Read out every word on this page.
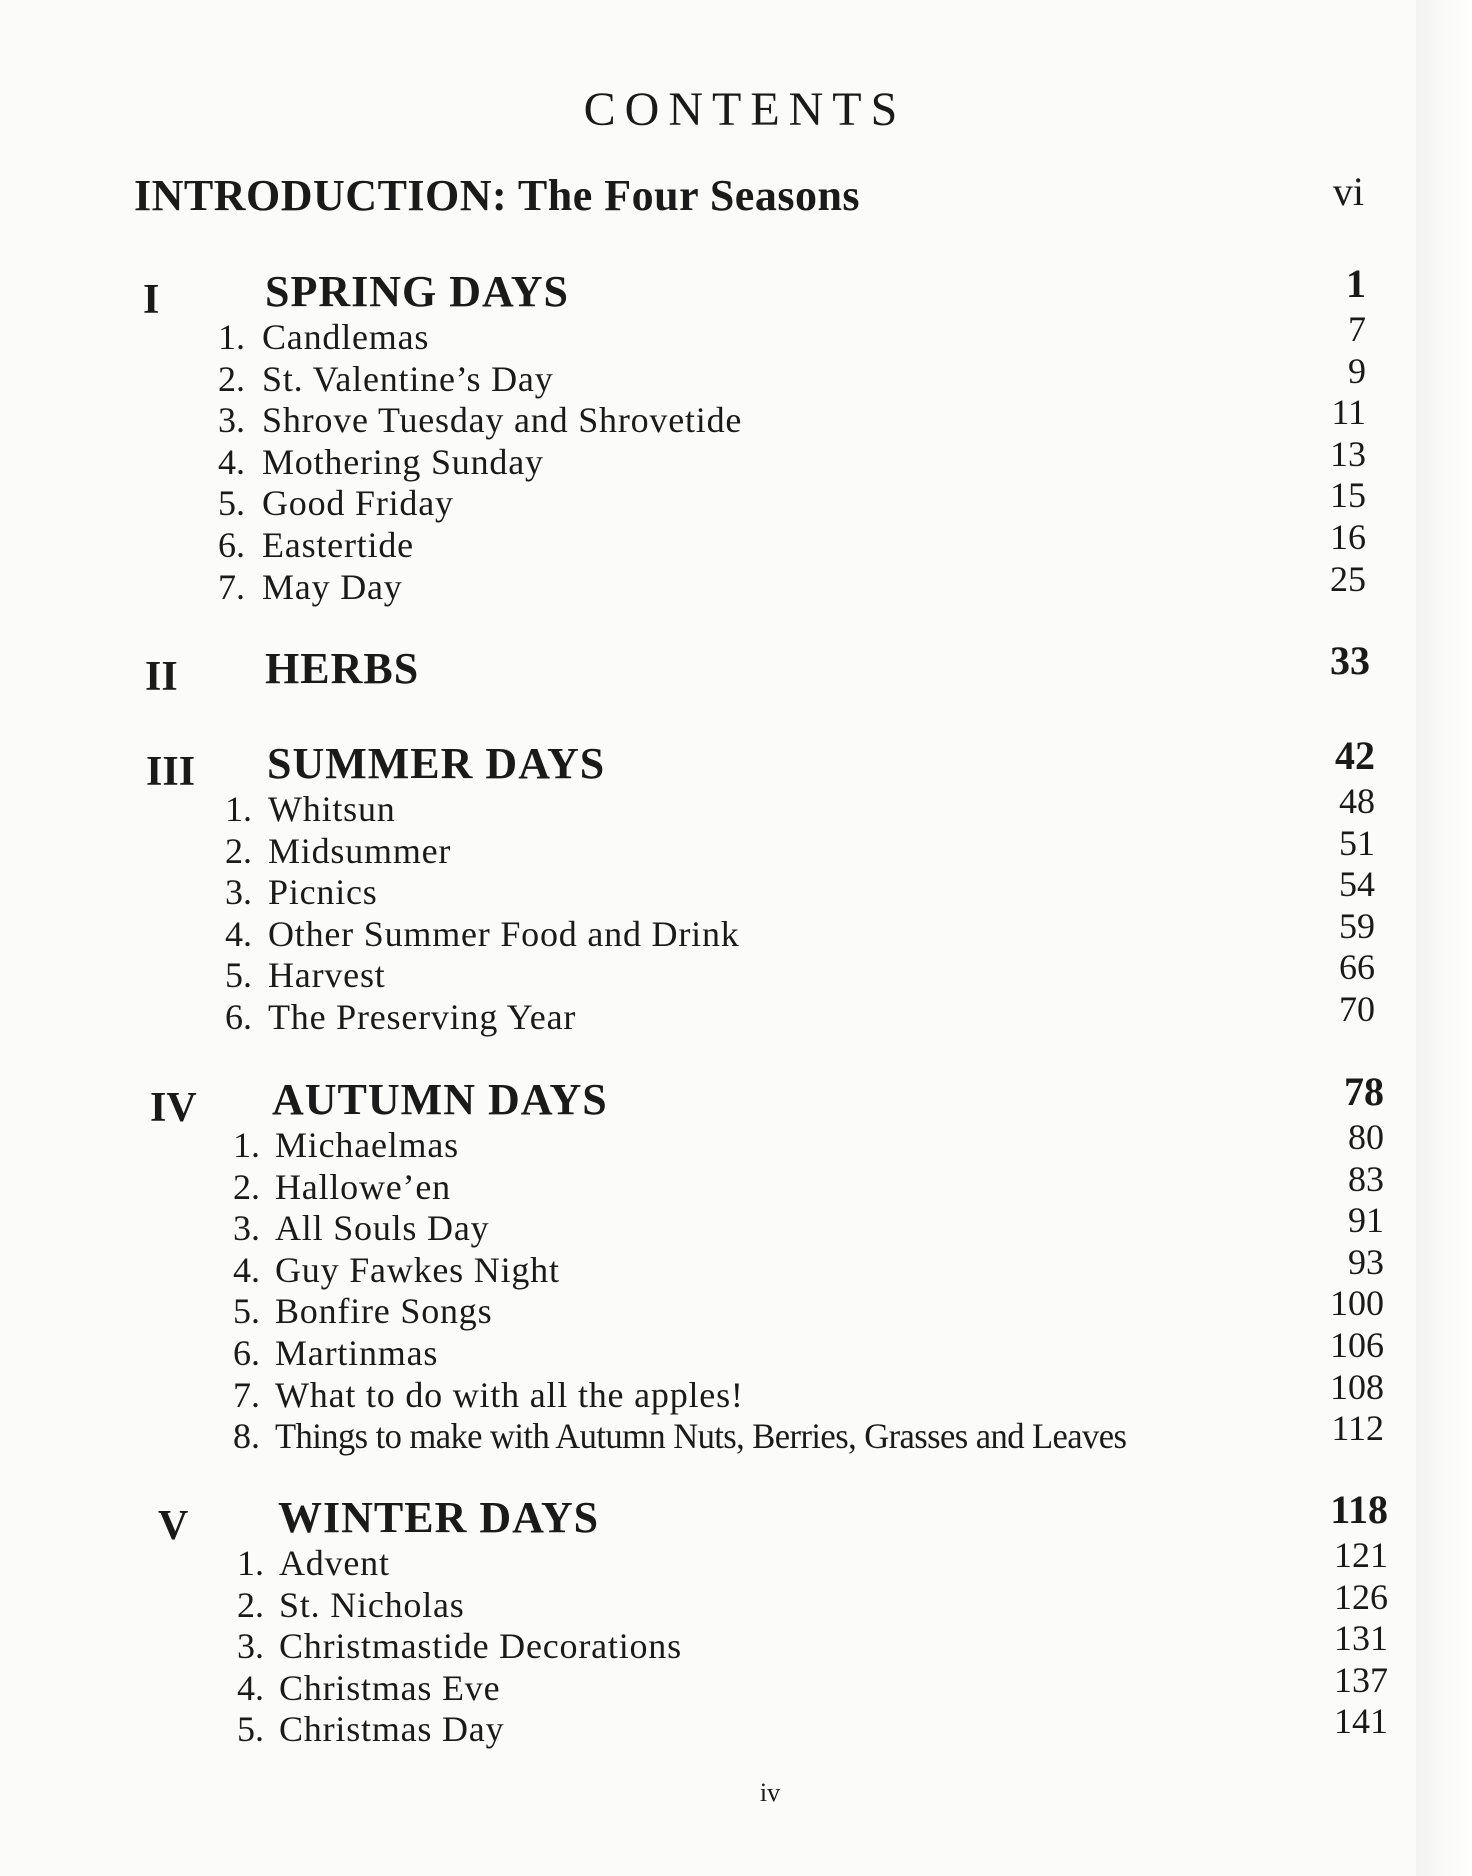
CONTENTS
INTRODUCTION: The Four Seasons	vi
I SPRING DAYS	1
1. Candlemas	7
2. St. Valentine’s Day	9
3. Shrove Tuesday and Shrovetide	11
4. Mothering Sunday	13
5. Good Friday	15
6. Eastertide	16
7. May Day	25
II HERBS	33
III SUMMER DAYS	42
1. Whitsun	48
2. Midsummer	51
3. Picnics	54
4. Other Summer Food and Drink	59
5. Harvest	66
6. The Preserving Year	70
IV AUTUMN DAYS	78
1. Michaelmas	80
2. Hallowe’en	83
3. All Souls Day	91
4. Guy Fawkes Night	93
5. Bonfire Songs	100
6. Martinmas	106
7. What to do with all the apples!	108
8. Things to make with Autumn Nuts, Berries, Grasses and Leaves	112
V WINTER DAYS	118
1. Advent	121
2. St. Nicholas	126
3. Christmastide Decorations	131
4. Christmas Eve	137
5. Christmas Day	141
iv
